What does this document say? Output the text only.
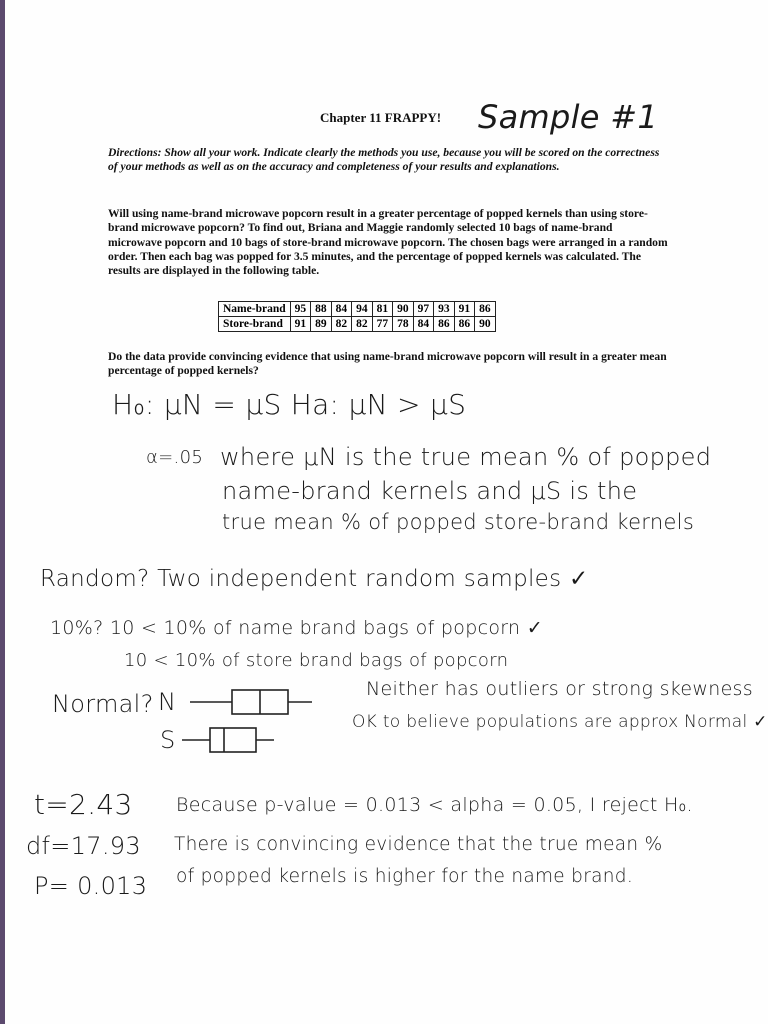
Chapter 11 FRAPPY! Sample #1
Directions: Show all your work. Indicate clearly the methods you use, because you will be scored on the correctness of your methods as well as on the accuracy and completeness of your results and explanations.
Will using name-brand microwave popcorn result in a greater percentage of popped kernels than using store-brand microwave popcorn? To find out, Briana and Maggie randomly selected 10 bags of name-brand microwave popcorn and 10 bags of store-brand microwave popcorn. The chosen bags were arranged in a random order. Then each bag was popped for 3.5 minutes, and the percentage of popped kernels was calculated. The results are displayed in the following table.
Name-brand	95	88	84	94	81	90	97	93	91	86
Store-brand	91	89	82	82	77	78	84	86	86	90
Do the data provide convincing evidence that using name-brand microwave popcorn will result in a greater mean percentage of popped kernels?
H₀: μN = μS Ha: μN > μS
α=.05 where μN is the true mean % of popped
name-brand kernels and μS is the
true mean % of popped store-brand kernels
Random? Two independent random samples ✓
10%? 10 < 10% of name brand bags of popcorn ✓
10 < 10% of store brand bags of popcorn
Normal? N
S
Neither has outliers or strong skewness
OK to believe populations are approx Normal ✓
t=2.43
df=17.93
P= 0.013
Because p-value = 0.013 < alpha = 0.05, I reject H₀.
There is convincing evidence that the true mean %
of popped kernels is higher for the name brand.
